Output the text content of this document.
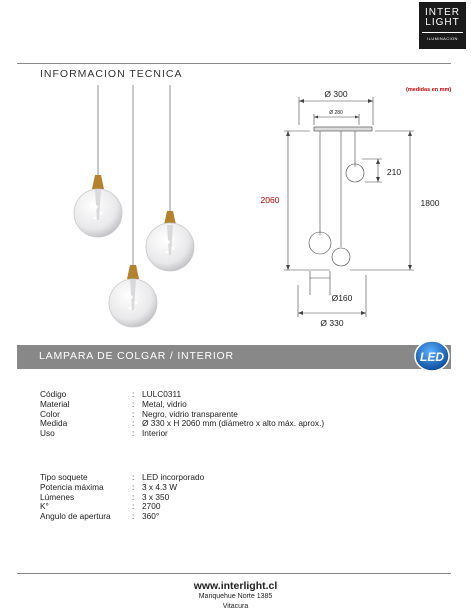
INTER
LIGHT
ILUMINACION
INFORMACION TECNICA
(medidas en mm)
Ø 300
Ø 280
2060	1800
210
Ø160
Ø 330
LAMPARA DE COLGAR / INTERIOR	LED
Código	: LULC0311
Material	: Metal, vidrio
Color	: Negro, vidrio transparente
Medida	: Ø 330 x H 2060 mm (diámetro x alto máx. aprox.)
Uso	: Interior
Tipo soquete	: LED incorporado
Potencia máxima	: 3 x 4.3 W
Lúmenes	: 3 x 350
K°	: 2700
Angulo de apertura	: 360°
www.interlight.cl
Manquehue Norte 1385
Vitacura
